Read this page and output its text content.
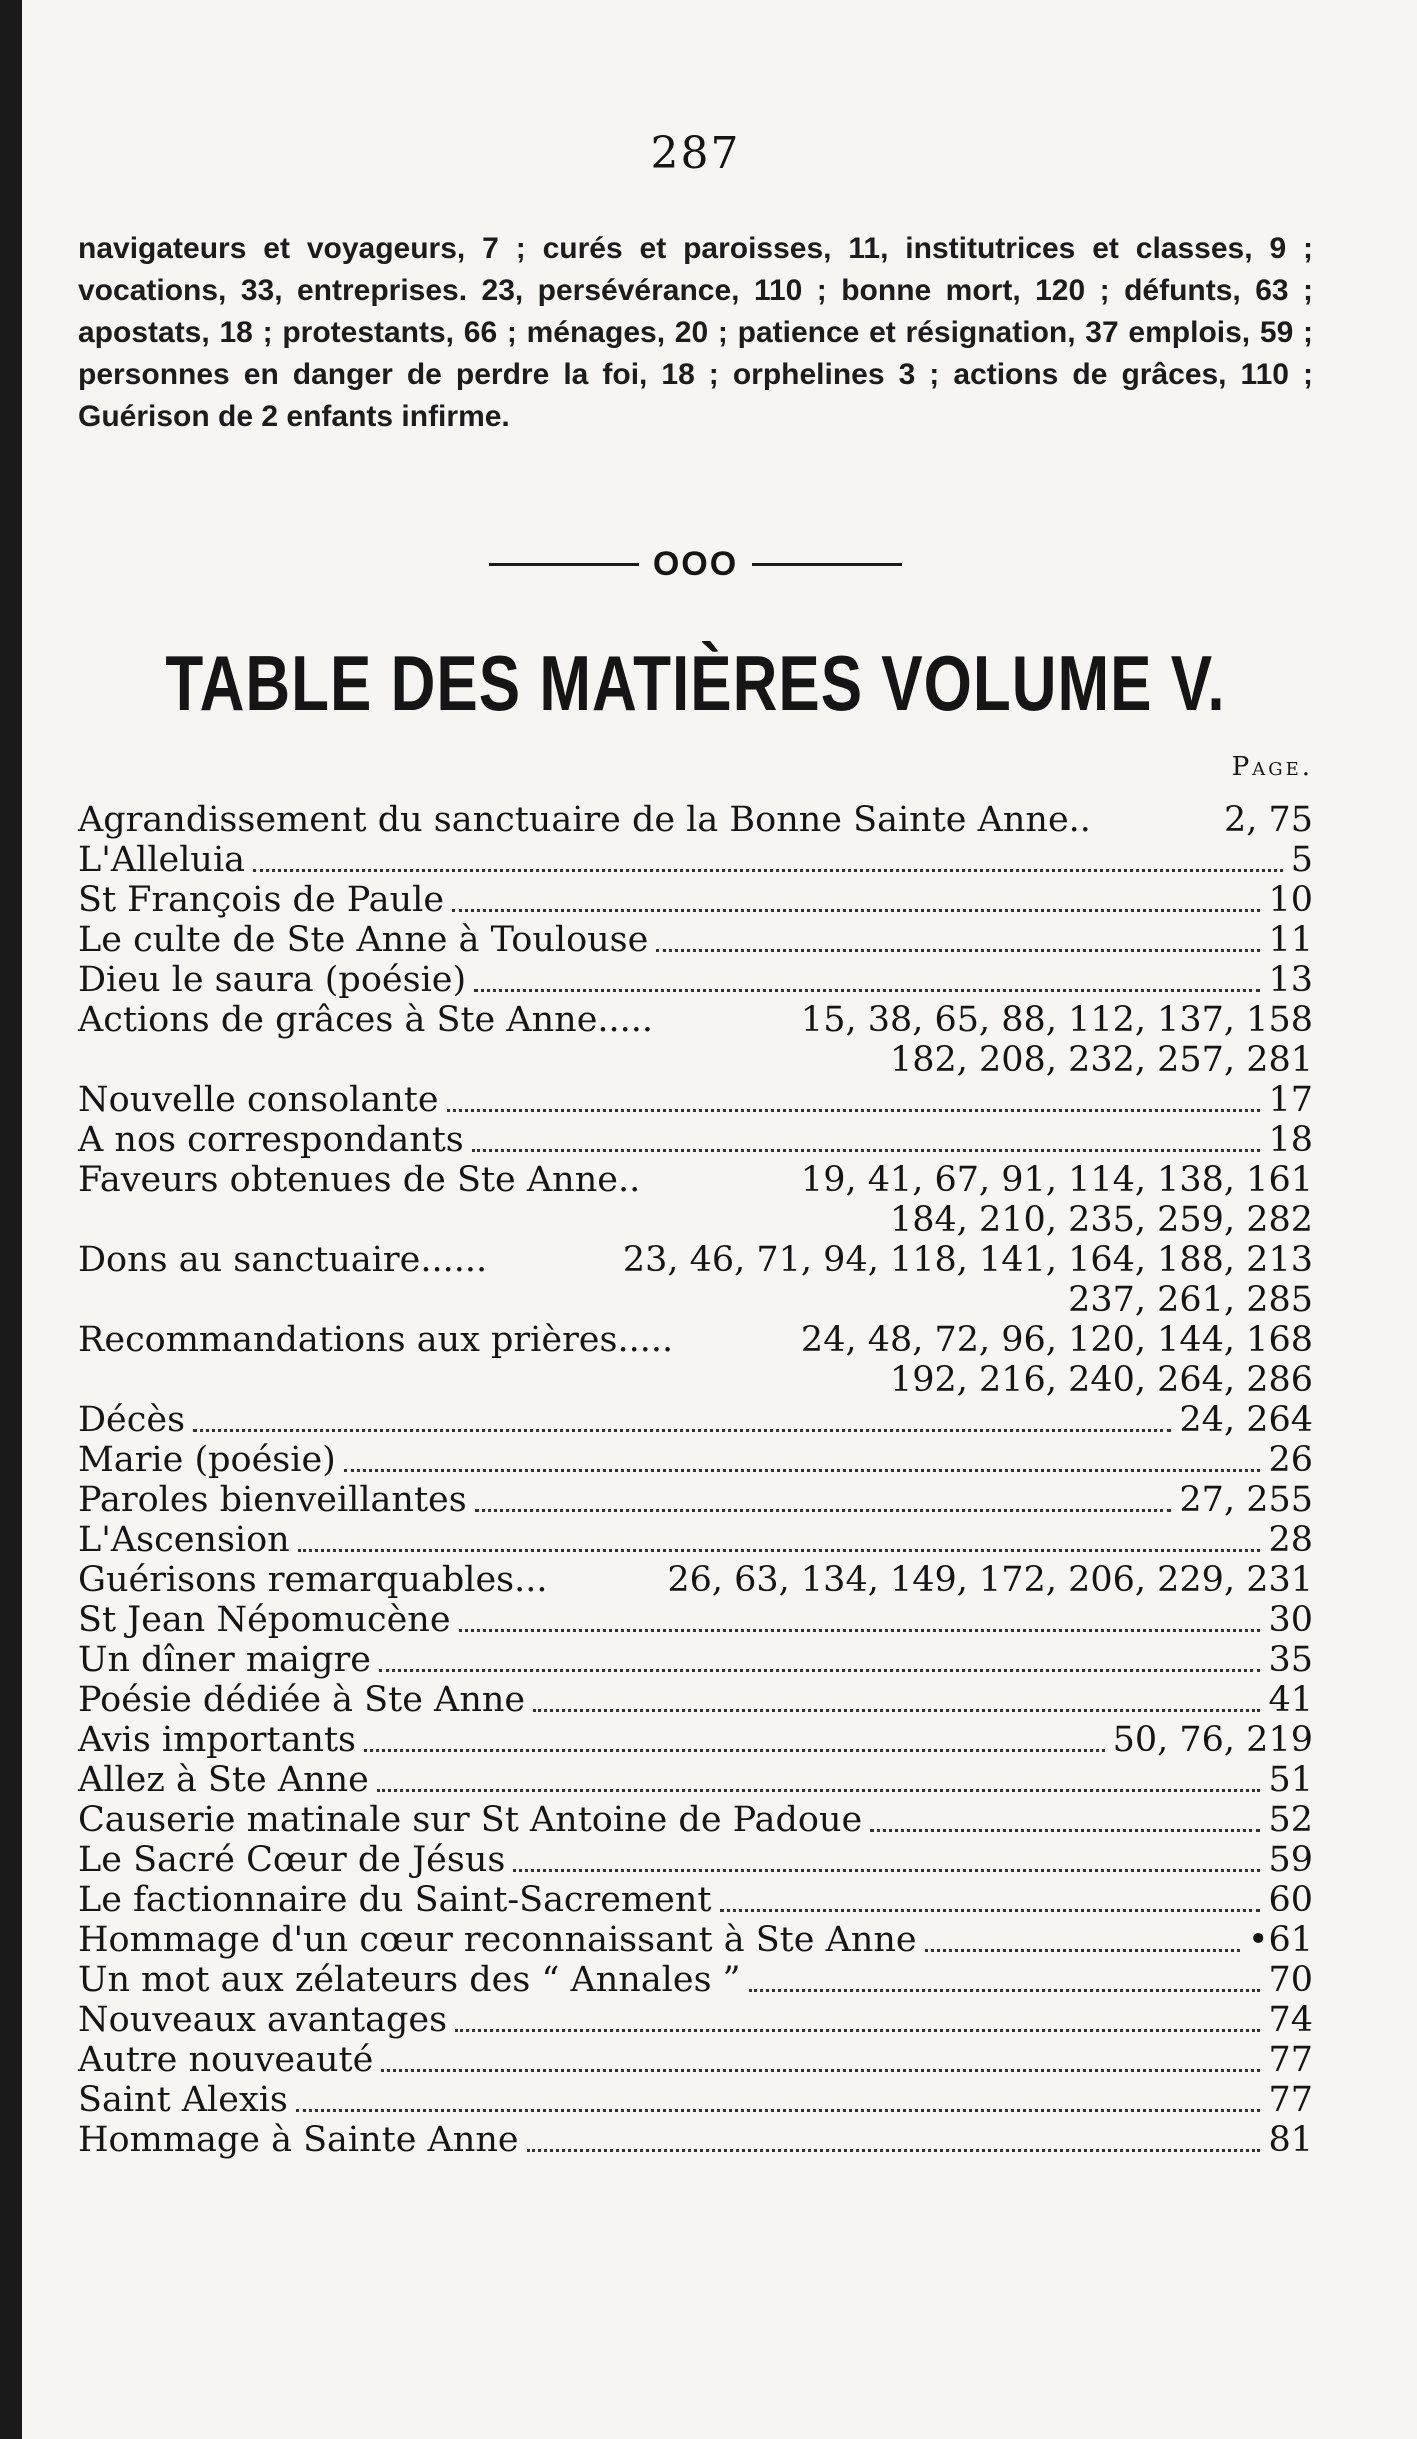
287
navigateurs et voyageurs, 7 ; curés et paroisses, 11, institutrices et classes, 9 ; vocations, 33, entreprises. 23, persévérance, 110 ; bonne mort, 120 ; défunts, 63 ; apostats, 18 ; protestants, 66 ; ménages, 20 ; patience et résignation, 37 emplois, 59 ; personnes en danger de perdre la foi, 18 ; orphelines 3 ; actions de grâces, 110 ; Guérison de 2 enfants infirme.
OOO
TABLE DES MATIÈRES VOLUME V.
Page.
Agrandissement du sanctuaire de la Bonne Sainte Anne..	2, 75
L'Alleluia	5
St François de Paule	10
Le culte de Ste Anne à Toulouse	11
Dieu le saura (poésie)	13
Actions de grâces à Ste Anne.....	15, 38, 65, 88, 112, 137, 158
182, 208, 232, 257, 281
Nouvelle consolante	17
A nos correspondants	18
Faveurs obtenues de Ste Anne..	19, 41, 67, 91, 114, 138, 161
184, 210, 235, 259, 282
Dons au sanctuaire......	23, 46, 71, 94, 118, 141, 164, 188, 213
237, 261, 285
Recommandations aux prières.....	24, 48, 72, 96, 120, 144, 168
192, 216, 240, 264, 286
Décès	24, 264
Marie (poésie)	26
Paroles bienveillantes	27, 255
L'Ascension	28
Guérisons remarquables...	26, 63, 134, 149, 172, 206, 229, 231
St Jean Népomucène	30
Un dîner maigre	35
Poésie dédiée à Ste Anne	41
Avis importants	50, 76, 219
Allez à Ste Anne	51
Causerie matinale sur St Antoine de Padoue	52
Le Sacré Cœur de Jésus	59
Le factionnaire du Saint-Sacrement	60
Hommage d'un cœur reconnaissant à Ste Anne	•61
Un mot aux zélateurs des “ Annales ”	70
Nouveaux avantages	74
Autre nouveauté	77
Saint Alexis	77
Hommage à Sainte Anne	81
